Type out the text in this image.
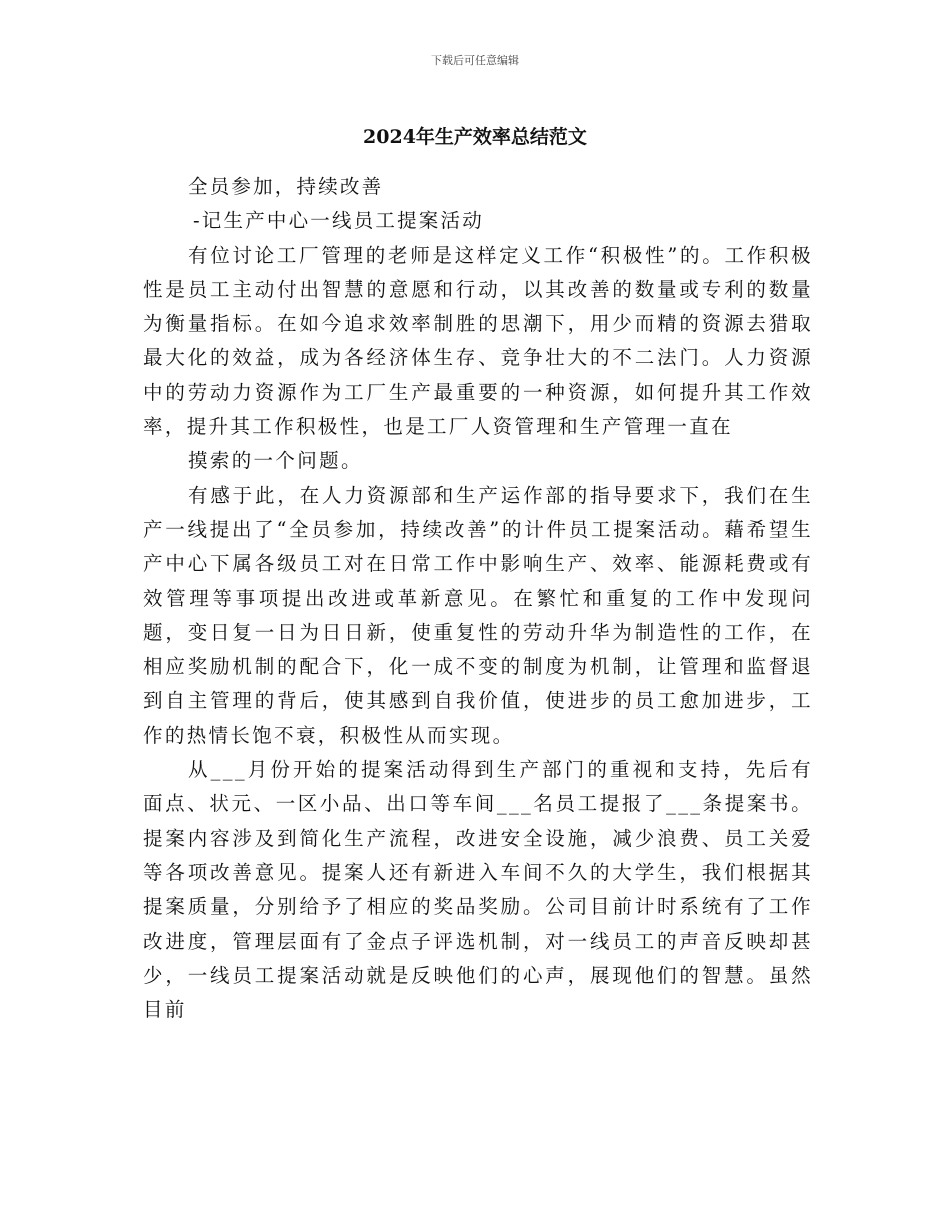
下载后可任意编辑
2024年生产效率总结范文

全员参加，持续改善

-记生产中心一线员工提案活动

有位讨论工厂管理的老师是这样定义工作“积极性”的。工作积极性是员工主动付出智慧的意愿和行动，以其改善的数量或专利的数量为衡量指标。在如今追求效率制胜的思潮下，用少而精的资源去猎取最大化的效益，成为各经济体生存、竞争壮大的不二法门。人力资源中的劳动力资源作为工厂生产最重要的一种资源，如何提升其工作效率，提升其工作积极性，也是工厂人资管理和生产管理一直在

摸索的一个问题。

有感于此，在人力资源部和生产运作部的指导要求下，我们在生产一线提出了“全员参加，持续改善”的计件员工提案活动。藉希望生产中心下属各级员工对在日常工作中影响生产、效率、能源耗费或有效管理等事项提出改进或革新意见。在繁忙和重复的工作中发现问题，变日复一日为日日新，使重复性的劳动升华为制造性的工作，在相应奖励机制的配合下，化一成不变的制度为机制，让管理和监督退到自主管理的背后，使其感到自我价值，使进步的员工愈加进步，工作的热情长饱不衰，积极性从而实现。

从___月份开始的提案活动得到生产部门的重视和支持，先后有面点、状元、一区小品、出口等车间___名员工提报了___条提案书。提案内容涉及到简化生产流程，改进安全设施，减少浪费、员工关爱等各项改善意见。提案人还有新进入车间不久的大学生，我们根据其提案质量，分别给予了相应的奖品奖励。公司目前计时系统有了工作改进度，管理层面有了金点子评选机制，对一线员工的声音反映却甚少，一线员工提案活动就是反映他们的心声，展现他们的智慧。虽然目前
